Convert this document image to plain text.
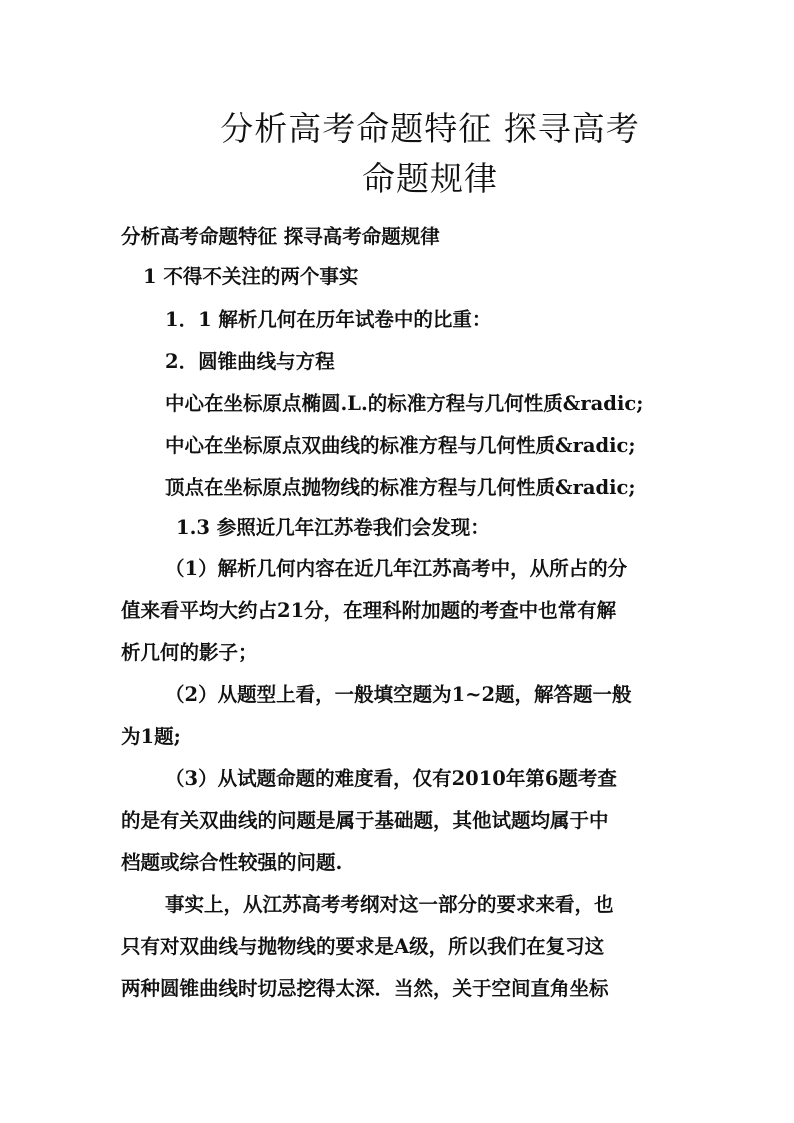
分析高考命题特征 探寻高考
命题规律

分析高考命题特征 探寻高考命题规律

1 不得不关注的两个事实

1．1 解析几何在历年试卷中的比重：

2．圆锥曲线与方程

中心在坐标原点椭圆.L.的标准方程与几何性质&radic;

中心在坐标原点双曲线的标准方程与几何性质&radic;

顶点在坐标原点抛物线的标准方程与几何性质&radic;

1.3 参照近几年江苏卷我们会发现：

（1）解析几何内容在近几年江苏高考中，从所占的分

值来看平均大约占21分，在理科附加题的考查中也常有解

析几何的影子；

（2）从题型上看，一般填空题为1~2题，解答题一般

为1题;

（3）从试题命题的难度看，仅有2010年第6题考查

的是有关双曲线的问题是属于基础题，其他试题均属于中

档题或综合性较强的问题.

事实上，从江苏高考考纲对这一部分的要求来看，也

只有对双曲线与抛物线的要求是A级，所以我们在复习这

两种圆锥曲线时切忌挖得太深．当然，关于空间直角坐标
